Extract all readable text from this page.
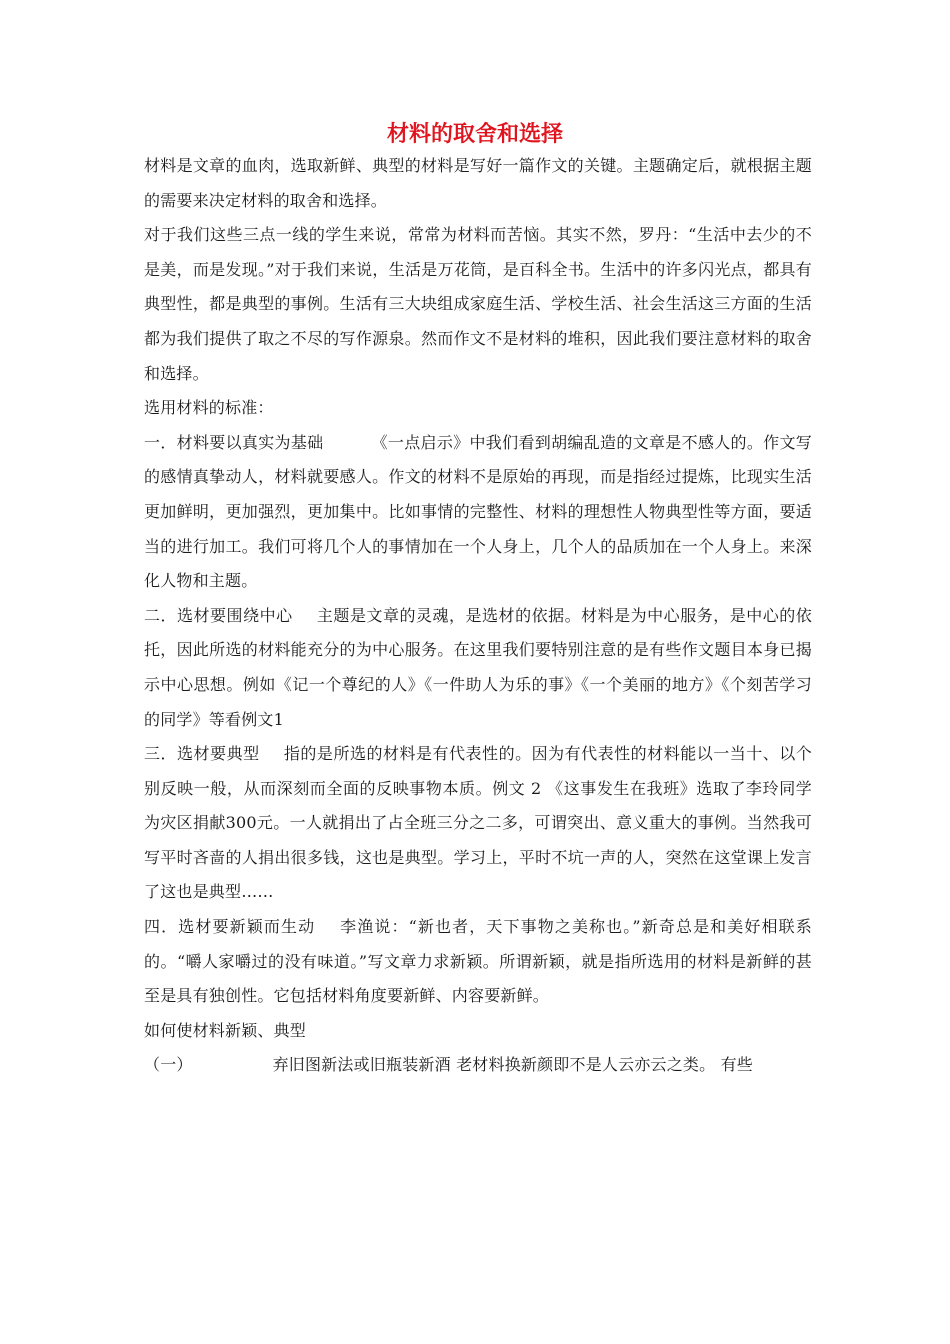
材料的取舍和选择

材料是文章的血肉，选取新鲜、典型的材料是写好一篇作文的关键。主题确定后，就根据主题的需要来决定材料的取舍和选择。

对于我们这些三点一线的学生来说，常常为材料而苦恼。其实不然，罗丹：“生活中去少的不是美，而是发现。”对于我们来说，生活是万花筒，是百科全书。生活中的许多闪光点，都具有典型性，都是典型的事例。生活有三大块组成家庭生活、学校生活、社会生活这三方面的生活都为我们提供了取之不尽的写作源泉。然而作文不是材料的堆积，因此我们要注意材料的取舍和选择。

选用材料的标准：

一．材料要以真实为基础	《一点启示》中我们看到胡编乱造的文章是不感人的。作文写的感情真挚动人，材料就要感人。作文的材料不是原始的再现，而是指经过提炼，比现实生活更加鲜明，更加强烈，更加集中。比如事情的完整性、材料的理想性人物典型性等方面，要适当的进行加工。我们可将几个人的事情加在一个人身上，几个人的品质加在一个人身上。来深化人物和主题。

二．选材要围绕中心 主题是文章的灵魂，是选材的依据。材料是为中心服务，是中心的依托，因此所选的材料能充分的为中心服务。在这里我们要特别注意的是有些作文题目本身已揭示中心思想。例如《记一个尊纪的人》《一件助人为乐的事》《一个美丽的地方》《个刻苦学习的同学》等看例文1

三．选材要典型 指的是所选的材料是有代表性的。因为有代表性的材料能以一当十、以个别反映一般，从而深刻而全面的反映事物本质。例文 2 《这事发生在我班》选取了李玲同学为灾区捐献300元。一人就捐出了占全班三分之二多，可谓突出、意义重大的事例。当然我可写平时吝啬的人捐出很多钱，这也是典型。学习上，平时不坑一声的人，突然在这堂课上发言了这也是典型……

四．选材要新颖而生动 李渔说：“新也者，天下事物之美称也。”新奇总是和美好相联系的。“嚼人家嚼过的没有味道。”写文章力求新颖。所谓新颖，就是指所选用的材料是新鲜的甚至是具有独创性。它包括材料角度要新鲜、内容要新鲜。

如何使材料新颖、典型

（一）	弃旧图新法或旧瓶装新酒 老材料换新颜即不是人云亦云之类。 有些
